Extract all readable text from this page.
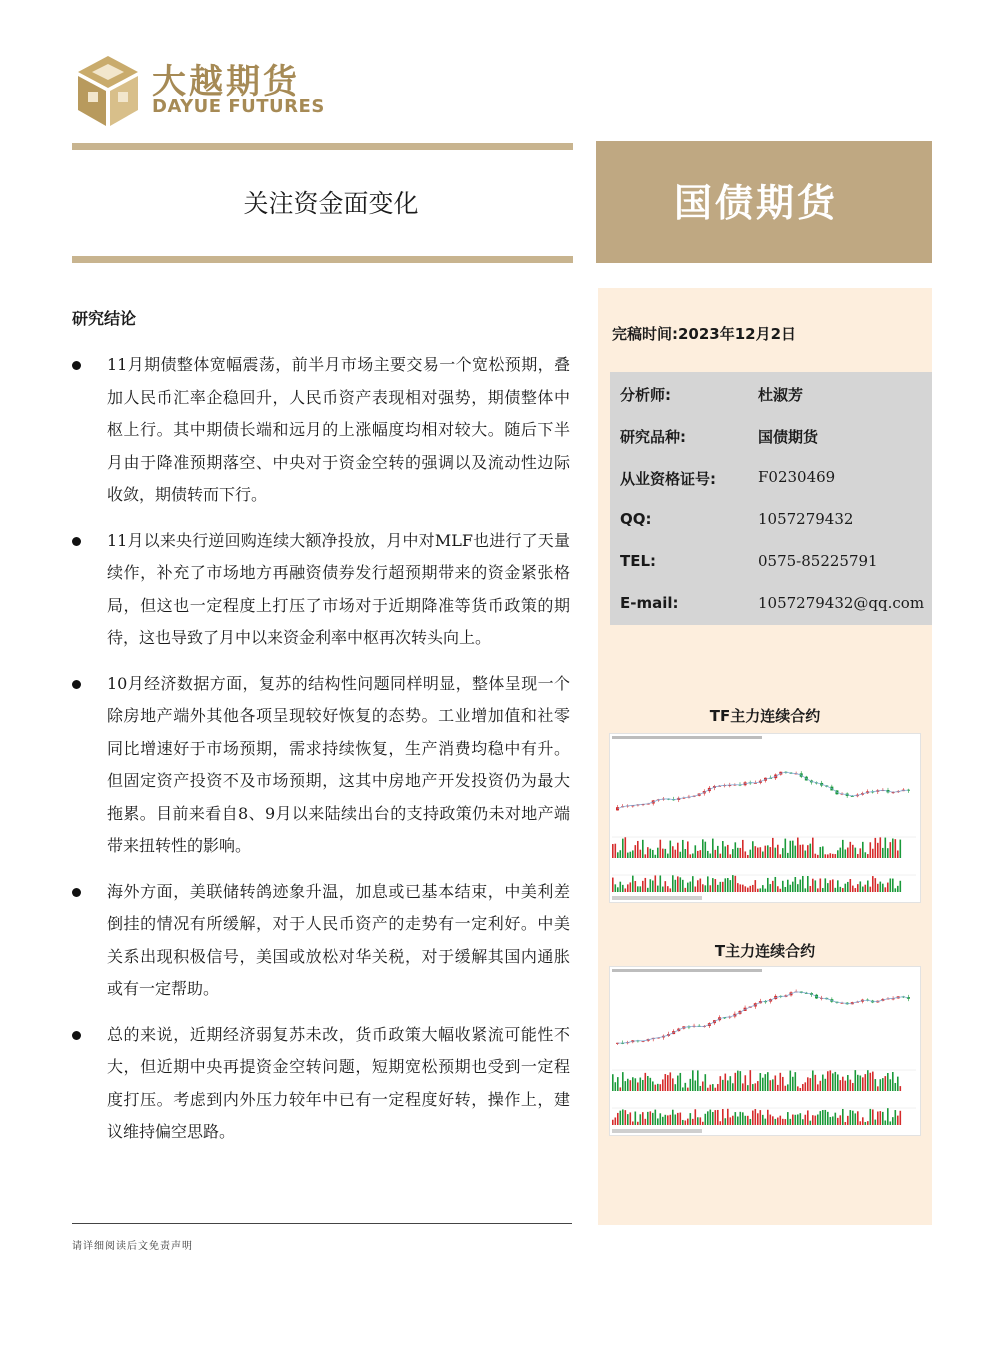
大越期货
DAYUE FUTURES
关注资金面变化	国债期货
研究结论
11月期债整体宽幅震荡，前半月市场主要交易一个宽松预期，叠加人民币汇率企稳回升，人民币资产表现相对强势，期债整体中枢上行。其中期债长端和远月的上涨幅度均相对较大。随后下半月由于降准预期落空、中央对于资金空转的强调以及流动性边际收敛，期债转而下行。
11月以来央行逆回购连续大额净投放，月中对MLF也进行了天量续作，补充了市场地方再融资债券发行超预期带来的资金紧张格局，但这也一定程度上打压了市场对于近期降准等货币政策的期待，这也导致了月中以来资金利率中枢再次转头向上。
10月经济数据方面，复苏的结构性问题同样明显，整体呈现一个除房地产端外其他各项呈现较好恢复的态势。工业增加值和社零同比增速好于市场预期，需求持续恢复，生产消费均稳中有升。但固定资产投资不及市场预期，这其中房地产开发投资仍为最大拖累。目前来看自8、9月以来陆续出台的支持政策仍未对地产端带来扭转性的影响。
海外方面，美联储转鸽迹象升温，加息或已基本结束，中美利差倒挂的情况有所缓解，对于人民币资产的走势有一定利好。中美关系出现积极信号，美国或放松对华关税，对于缓解其国内通胀或有一定帮助。
总的来说，近期经济弱复苏未改，货币政策大幅收紧流可能性不大，但近期中央再提资金空转问题，短期宽松预期也受到一定程度打压。考虑到内外压力较年中已有一定程度好转，操作上，建议维持偏空思路。
请详细阅读后文免责声明
完稿时间:2023年12月2日
分析师:	杜淑芳
研究品种:	国债期货
从业资格证号:	F0230469
QQ:	1057279432
TEL:	0575-85225791
E-mail:	1057279432@qq.com
TF主力连续合约
T主力连续合约
